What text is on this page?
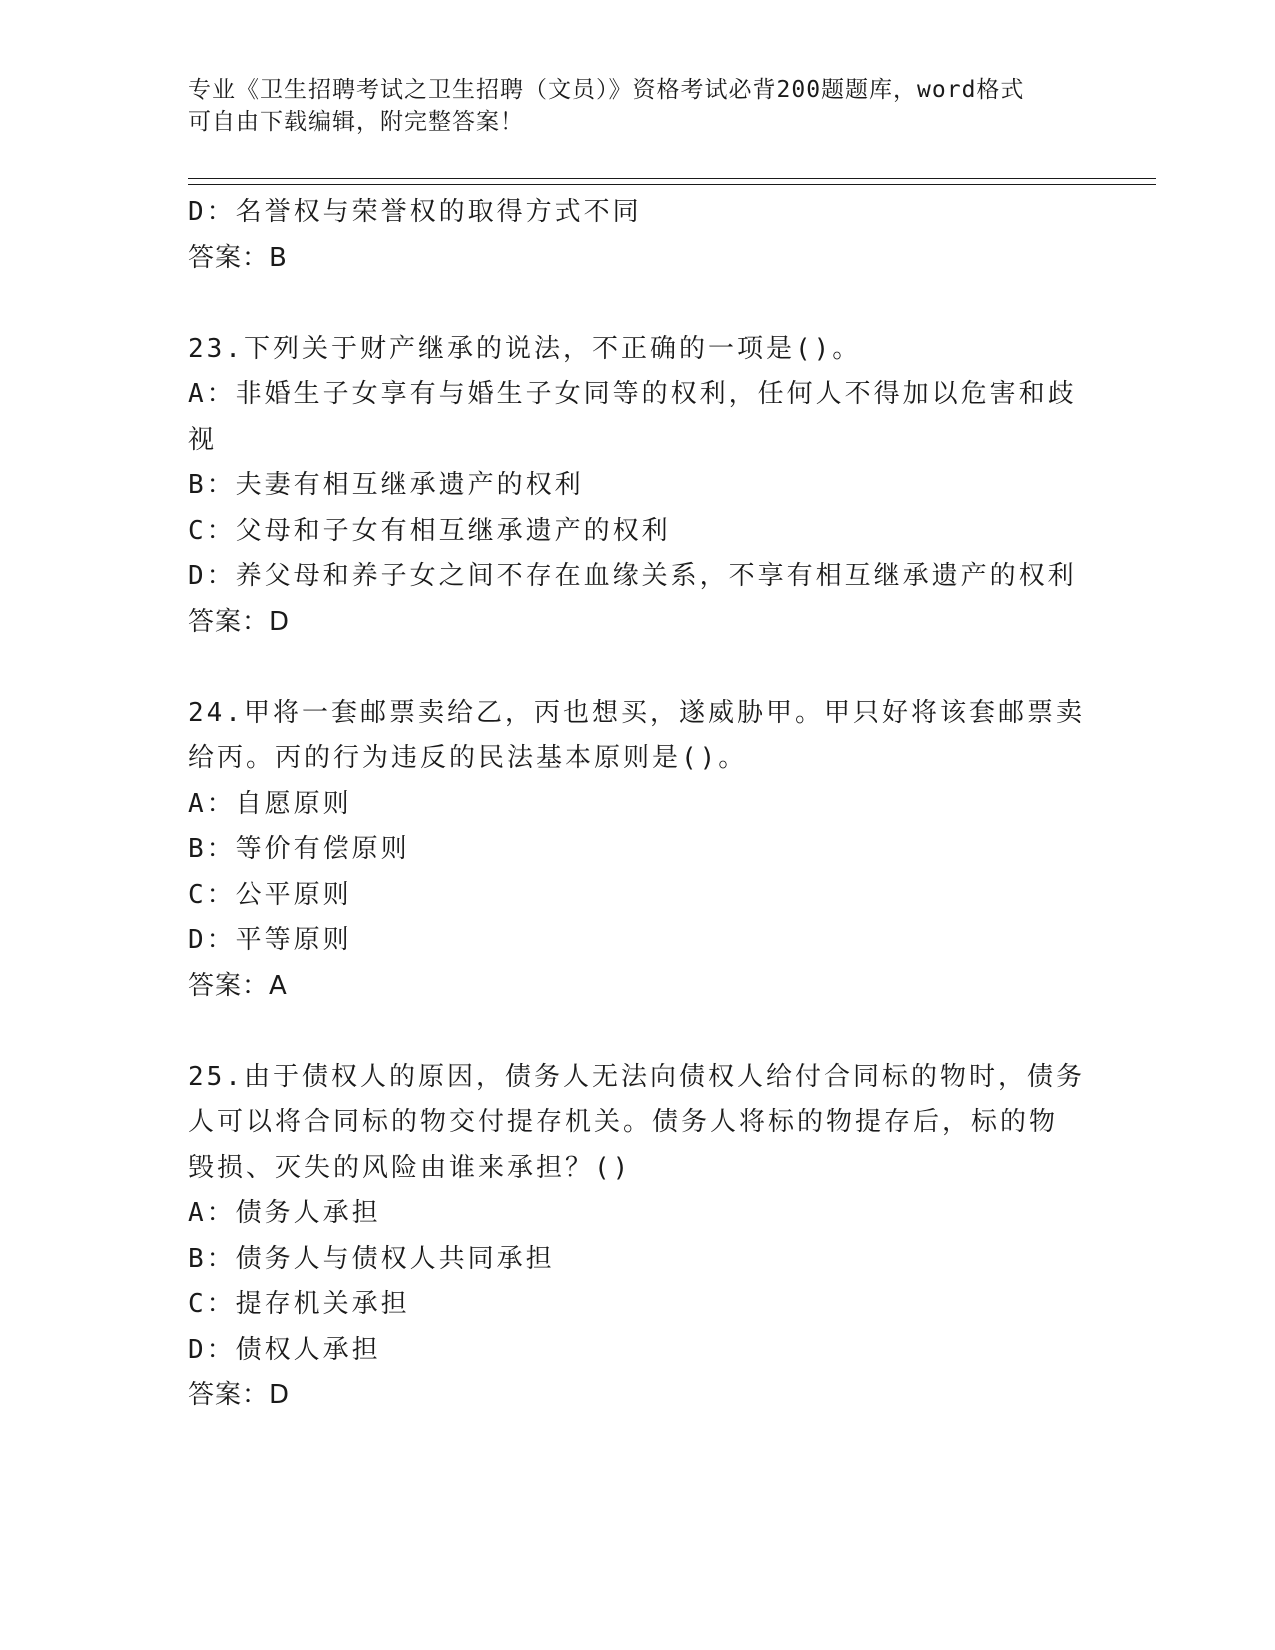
专业《卫生招聘考试之卫生招聘（文员）》资格考试必背200题题库，word格式
可自由下载编辑，附完整答案！
D：名誉权与荣誉权的取得方式不同
答案：B
23.下列关于财产继承的说法，不正确的一项是()。
A：非婚生子女享有与婚生子女同等的权利，任何人不得加以危害和歧
视
B：夫妻有相互继承遗产的权利
C：父母和子女有相互继承遗产的权利
D：养父母和养子女之间不存在血缘关系，不享有相互继承遗产的权利
答案：D
24.甲将一套邮票卖给乙，丙也想买，遂威胁甲。甲只好将该套邮票卖
给丙。丙的行为违反的民法基本原则是()。
A：自愿原则
B：等价有偿原则
C：公平原则
D：平等原则
答案：A
25.由于债权人的原因，债务人无法向债权人给付合同标的物时，债务
人可以将合同标的物交付提存机关。债务人将标的物提存后，标的物
毁损、灭失的风险由谁来承担？()
A：债务人承担
B：债务人与债权人共同承担
C：提存机关承担
D：债权人承担
答案：D
